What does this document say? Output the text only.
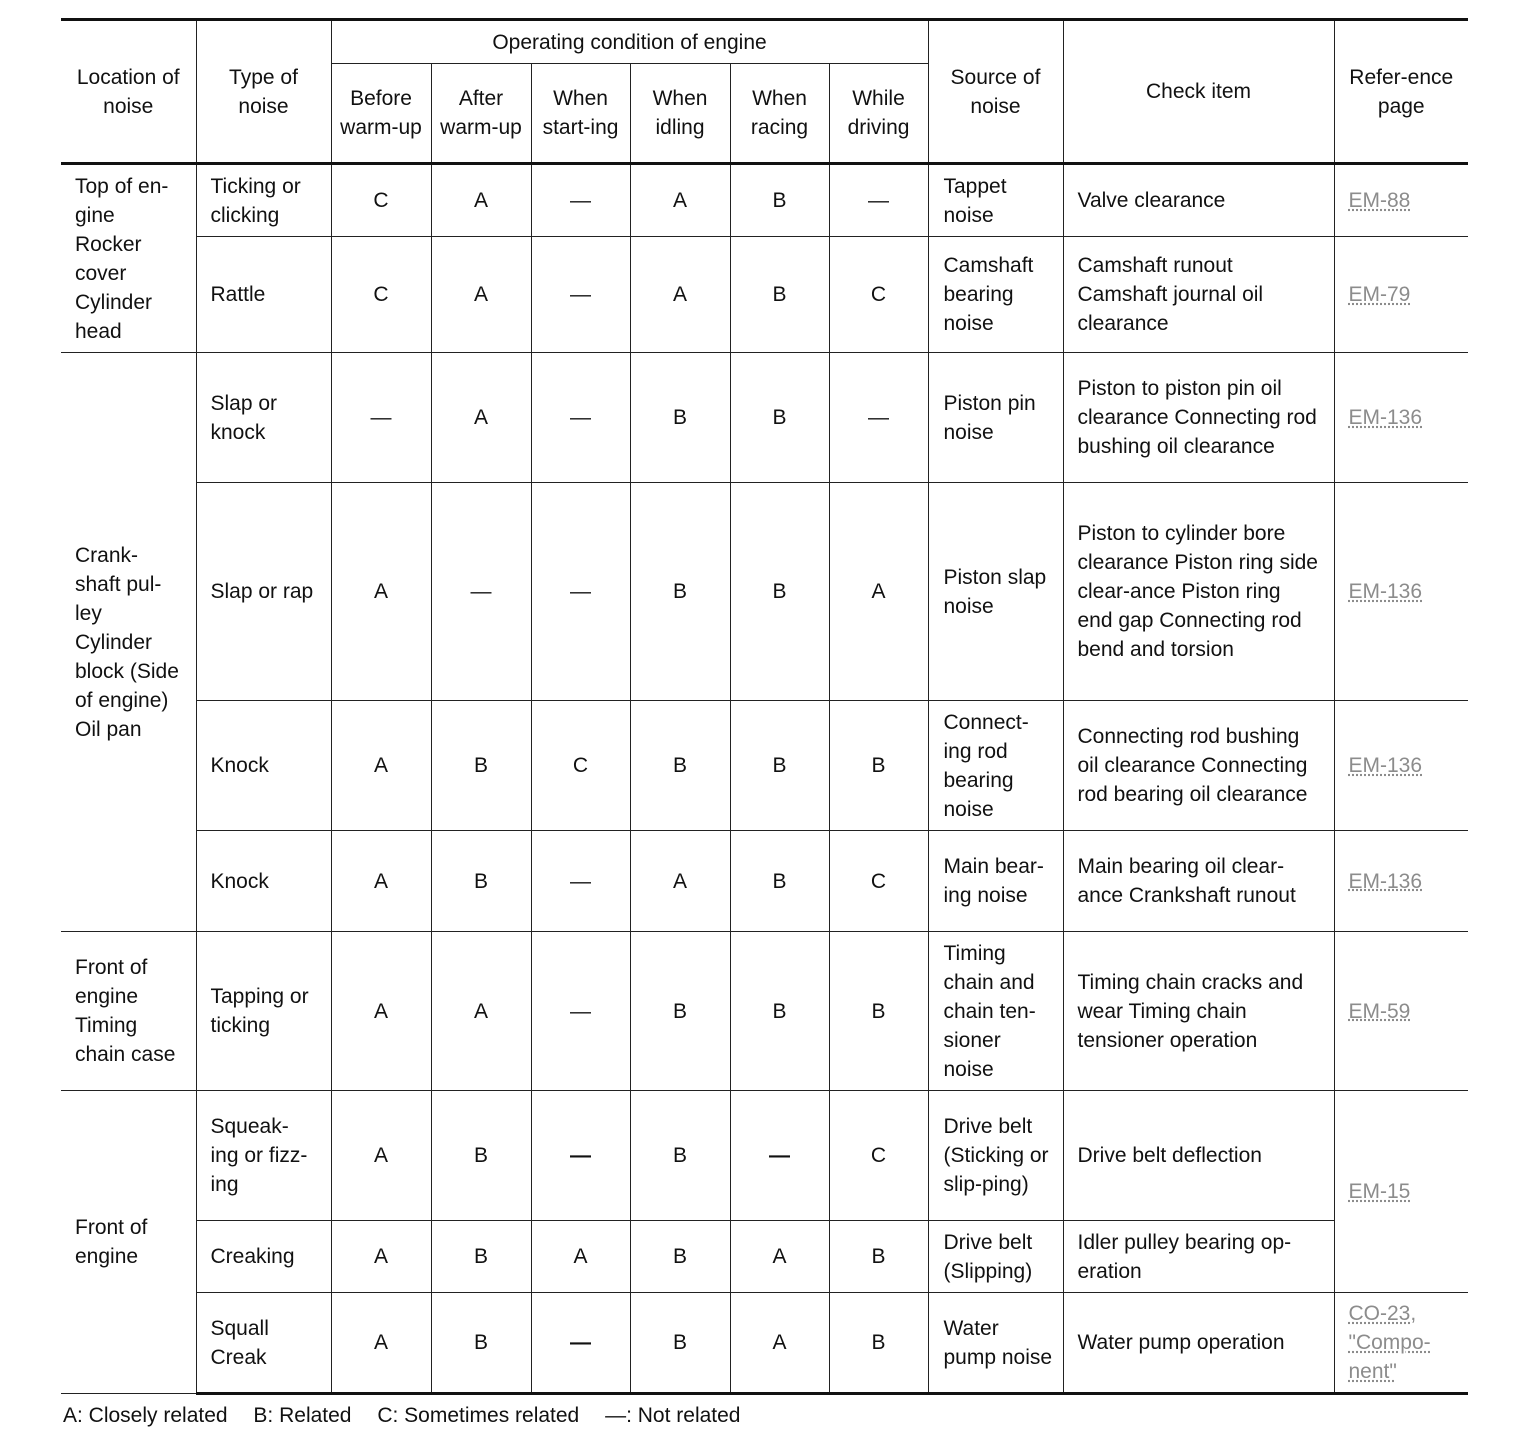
Location of noise	Type of noise	Operating condition of engine						Source of noise	Check item	Refer-ence page
		Before warm-up	After warm-up	When start-ing	When idling	When racing	While driving			
Top of en-gine Rocker cover Cylinder head	Ticking or clicking	C	A	—	A	B	—	Tappet noise	Valve clearance	EM-88
	Rattle	C	A	—	A	B	C	Camshaft bearing noise	Camshaft runout Camshaft journal oil clearance	EM-79
Crank-shaft pul-ley Cylinder block (Side of engine) Oil pan	Slap or knock	—	A	—	B	B	—	Piston pin noise	Piston to piston pin oil clearance Connecting rod bushing oil clearance	EM-136
	Slap or rap	A	—	—	B	B	A	Piston slap noise	Piston to cylinder bore clearance Piston ring side clear-ance Piston ring end gap Connecting rod bend and torsion	EM-136
	Knock	A	B	C	B	B	B	Connect-ing rod bearing noise	Connecting rod bushing oil clearance Connecting rod bearing oil clearance	EM-136
	Knock	A	B	—	A	B	C	Main bear-ing noise	Main bearing oil clear-ance Crankshaft runout	EM-136
Front of engine Timing chain case	Tapping or ticking	A	A	—	B	B	B	Timing chain and chain ten-sioner noise	Timing chain cracks and wear Timing chain tensioner operation	EM-59
Front of engine	Squeak-ing or fizz-ing	A	B	—	B	—	C	Drive belt (Sticking or slip-ping)	Drive belt deflection	EM-15
	Creaking	A	B	A	B	A	B	Drive belt (Slipping)	Idler pulley bearing op-eration	
	Squall Creak	A	B	—	B	A	B	Water pump noise	Water pump operation	CO-23, "Compo-nent"
A: Closely related B: Related C: Sometimes related —: Not related
